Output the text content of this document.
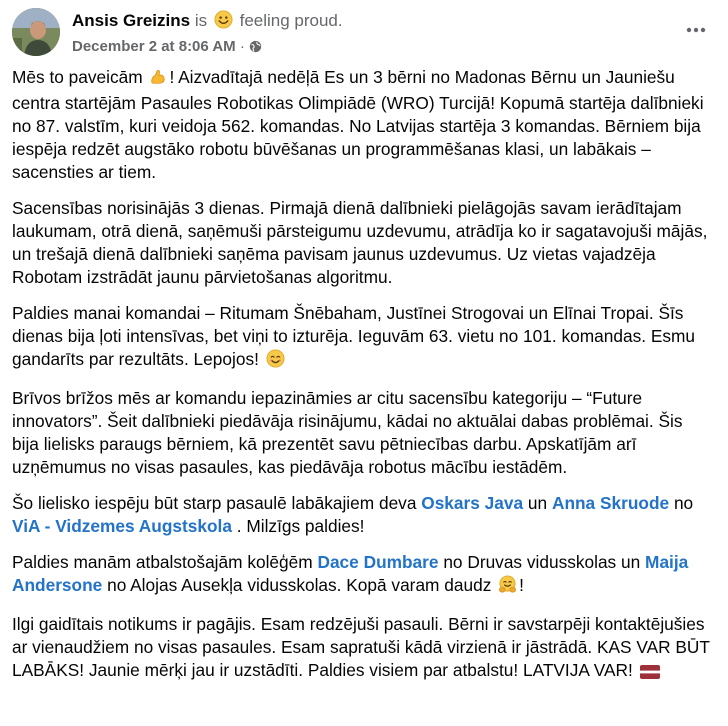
Ansis Greizins is feeling proud.
December 2 at 8:06 AM ·

Mēs to paveicām ! Aizvadītajā nedēļā Es un 3 bērni no Madonas Bērnu un Jauniešu centra startējām Pasaules Robotikas Olimpiādē (WRO) Turcijā! Kopumā startēja dalībnieki no 87. valstīm, kuri veidoja 562. komandas. No Latvijas startēja 3 komandas. Bērniem bija iespēja redzēt augstāko robotu būvēšanas un programmēšanas klasi, un labākais – sacensties ar tiem.

Sacensības norisinājās 3 dienas. Pirmajā dienā dalībnieki pielāgojās savam ierādītajam laukumam, otrā dienā, saņēmuši pārsteigumu uzdevumu, atrādīja ko ir sagatavojuši mājās, un trešajā dienā dalībnieki saņēma pavisam jaunus uzdevumus. Uz vietas vajadzēja Robotam izstrādāt jaunu pārvietošanas algoritmu.

Paldies manai komandai – Ritumam Šnēbaham, Justīnei Strogovai un Elīnai Tropai. Šīs dienas bija ļoti intensīvas, bet viņi to izturēja. Ieguvām 63. vietu no 101. komandas. Esmu gandarīts par rezultāts. Lepojos!

Brīvos brīžos mēs ar komandu iepazināmies ar citu sacensību kategoriju – “Future innovators”. Šeit dalībnieki piedāvāja risinājumu, kādai no aktuālai dabas problēmai. Šis bija lielisks paraugs bērniem, kā prezentēt savu pētniecības darbu. Apskatījām arī uzņēmumus no visas pasaules, kas piedāvāja robotus mācību iestādēm.

Šo lielisko iespēju būt starp pasaulē labākajiem deva Oskars Java un Anna Skruode no ViA - Vidzemes Augstskola . Milzīgs paldies!

Paldies manām atbalstošajām kolēģēm Dace Dumbare no Druvas vidusskolas un Maija Andersone no Alojas Ausekļa vidusskolas. Kopā varam daudz !

Ilgi gaidītais notikums ir pagājis. Esam redzējuši pasauli. Bērni ir savstarpēji kontaktējušies ar vienaudžiem no visas pasaules. Esam sapratuši kādā virzienā ir jāstrādā. KAS VAR BŪT LABĀKS! Jaunie mērķi jau ir uzstādīti. Paldies visiem par atbalstu! LATVIJA VAR!
